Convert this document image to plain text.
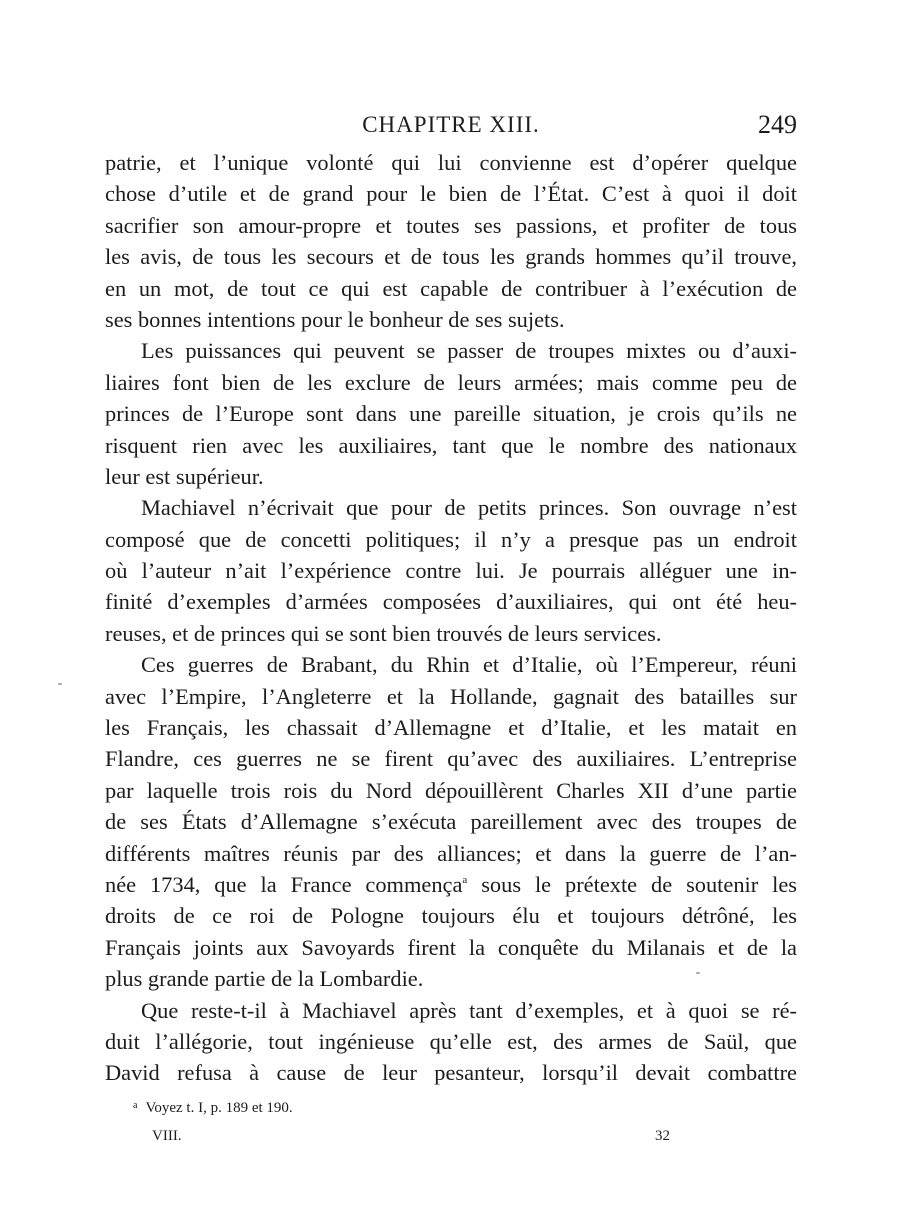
CHAPITRE XIII.	249
patrie, et l’unique volonté qui lui convienne est d’opérer quelque
chose d’utile et de grand pour le bien de l’État. C’est à quoi il doit
sacrifier son amour-propre et toutes ses passions, et profiter de tous
les avis, de tous les secours et de tous les grands hommes qu’il trouve,
en un mot, de tout ce qui est capable de contribuer à l’exécution de
ses bonnes intentions pour le bonheur de ses sujets.
Les puissances qui peuvent se passer de troupes mixtes ou d’auxi-
liaires font bien de les exclure de leurs armées; mais comme peu de
princes de l’Europe sont dans une pareille situation, je crois qu’ils ne
risquent rien avec les auxiliaires, tant que le nombre des nationaux
leur est supérieur.
Machiavel n’écrivait que pour de petits princes. Son ouvrage n’est
composé que de concetti politiques; il n’y a presque pas un endroit
où l’auteur n’ait l’expérience contre lui. Je pourrais alléguer une in-
finité d’exemples d’armées composées d’auxiliaires, qui ont été heu-
reuses, et de princes qui se sont bien trouvés de leurs services.
Ces guerres de Brabant, du Rhin et d’Italie, où l’Empereur, réuni
avec l’Empire, l’Angleterre et la Hollande, gagnait des batailles sur
les Français, les chassait d’Allemagne et d’Italie, et les matait en
Flandre, ces guerres ne se firent qu’avec des auxiliaires. L’entreprise
par laquelle trois rois du Nord dépouillèrent Charles XII d’une partie
de ses États d’Allemagne s’exécuta pareillement avec des troupes de
différents maîtres réunis par des alliances; et dans la guerre de l’an-
née 1734, que la France commença$^a$ sous le prétexte de soutenir les
droits de ce roi de Pologne toujours élu et toujours détrôné, les
Français joints aux Savoyards firent la conquête du Milanais et de la
plus grande partie de la Lombardie.
Que reste-t-il à Machiavel après tant d’exemples, et à quoi se ré-
duit l’allégorie, tout ingénieuse qu’elle est, des armes de Saül, que
David refusa à cause de leur pesanteur, lorsqu’il devait combattre
$^a$ Voyez t. I, p. 189 et 190.
VIII.	32
